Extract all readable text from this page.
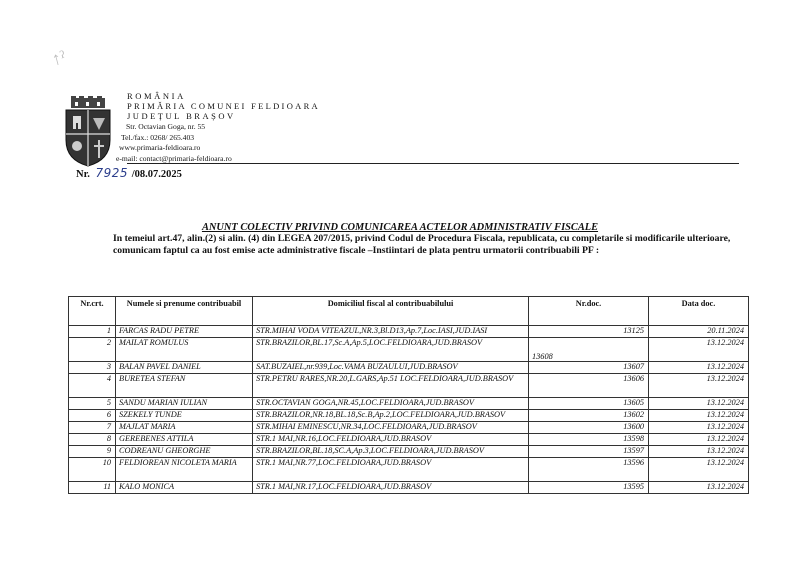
↑ˀ
ROMÂNIA
PRIMĂRIA COMUNEI FELDIOARA
JUDEȚUL BRAȘOV
Str. Octavian Goga, nr. 55
Tel./fax.: 0268/ 265.403
www.primaria-feldioara.ro
e-mail: contact@primaria-feldioara.ro
Nr. 7925 /08.07.2025
ANUNT COLECTIV PRIVIND COMUNICAREA ACTELOR ADMINISTRATIV FISCALE
In temeiul art.47, alin.(2) si alin. (4) din LEGEA 207/2015, privind Codul de Procedura Fiscala, republicata, cu completarile si modificarile ulterioare, comunicam faptul ca au fost emise acte administrative fiscale –Instiintari de plata pentru urmatorii contribuabili PF :
Nr.crt.	Numele si prenume contribuabil	Domiciliul fiscal al contribuabilului	Nr.doc.	Data doc.
1	FARCAS RADU PETRE	STR.MIHAI VODA VITEAZUL,NR.3,Bl.D13,Ap.7,Loc.IASI,JUD.IASI	13125	20.11.2024
2	MAILAT ROMULUS	STR.BRAZILOR,BL.17,Sc.A,Ap.5,LOC.FELDIOARA,JUD.BRASOV	13608	13.12.2024
3	BALAN PAVEL DANIEL	SAT.BUZAIEL,nr.939,Loc.VAMA BUZAULUI,JUD.BRASOV	13607	13.12.2024
4	BURETEA STEFAN	STR.PETRU RARES,NR.20,L.GARS,Ap.51 LOC.FELDIOARA,JUD.BRASOV	13606	13.12.2024
5	SANDU MARIAN IULIAN	STR.OCTAVIAN GOGA,NR.45,LOC.FELDIOARA,JUD.BRASOV	13605	13.12.2024
6	SZEKELY TUNDE	STR.BRAZILOR,NR.18,BL.18,Sc.B,Ap.2,LOC.FELDIOARA,JUD.BRASOV	13602	13.12.2024
7	MAJLAT MARIA	STR.MIHAI EMINESCU,NR.34,LOC.FELDIOARA,JUD.BRASOV	13600	13.12.2024
8	GEREBENES ATTILA	STR.1 MAI,NR.16,LOC.FELDIOARA,JUD.BRASOV	13598	13.12.2024
9	CODREANU GHEORGHE	STR.BRAZILOR,BL.18,SC.A,Ap.3,LOC.FELDIOARA,JUD.BRASOV	13597	13.12.2024
10	FELDIOREAN NICOLETA MARIA	STR.1 MAI,NR.77,LOC.FELDIOARA,JUD.BRASOV	13596	13.12.2024
11	KALO MONICA	STR.1 MAI,NR.17,LOC.FELDIOARA,JUD.BRASOV	13595	13.12.2024
